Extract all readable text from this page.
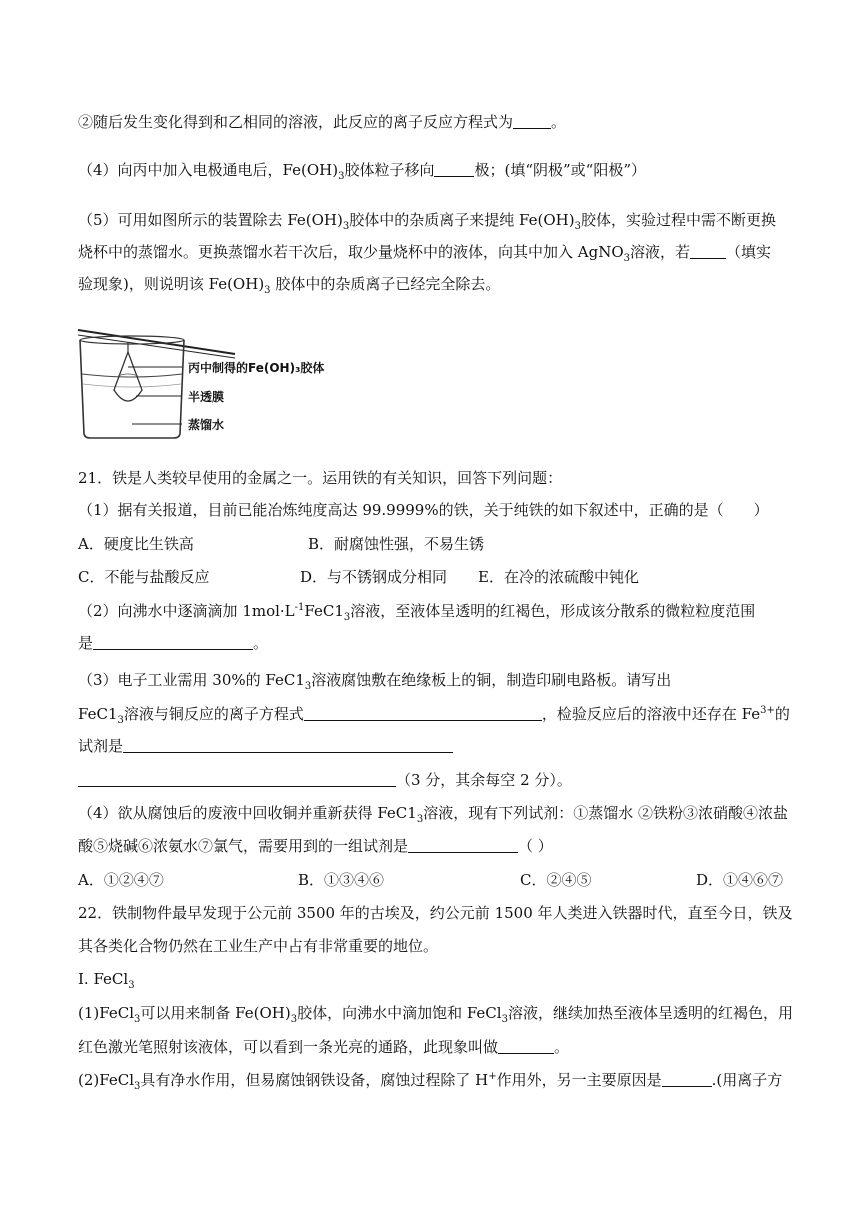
②随后发生变化得到和乙相同的溶液，此反应的离子反应方程式为	。
（4）向丙中加入电极通电后，$Fe(OH)_3$胶体粒子移向	极；(填“阴极”或“阳极”）
（5）可用如图所示的装置除去 $Fe(OH)_3$胶体中的杂质离子来提纯 $Fe(OH)_3$胶体，实验过程中需不断更换
烧杯中的蒸馏水。更换蒸馏水若干次后，取少量烧杯中的液体，向其中加入 AgNO$_3$溶液，若 （填实
验现象)，则说明该 $Fe(OH)_3$ 胶体中的杂质离子已经完全除去。
丙中制得的Fe(OH)₃胶体
半透膜
蒸馏水
21．铁是人类较早使用的金属之一。运用铁的有关知识，回答下列问题：
（1）据有关报道，目前已能冶炼纯度高达 99.9999%的铁，关于纯铁的如下叙述中，正确的是（　　）
A．硬度比生铁高	B．耐腐蚀性强，不易生锈
C．不能与盐酸反应	D．与不锈钢成分相同 E．在冷的浓硫酸中钝化
（2）向沸水中逐滴滴加 $1mol\cdot L^{-1}FeC1_3$溶液，至液体呈透明的红褐色，形成该分散系的微粒粒度范围
是	。
（3）电子工业需用 30%的 $FeC1_3$溶液腐蚀敷在绝缘板上的铜，制造印刷电路板。请写出
$FeC1_3$溶液与铜反应的离子方程式	，检验反应后的溶液中还存在 $Fe^{3+}$的
试剂是
（3 分，其余每空 2 分）。
（4）欲从腐蚀后的废液中回收铜并重新获得 $FeC1_3$溶液，现有下列试剂：①蒸馏水 ②铁粉③浓硝酸④浓盐
酸⑤烧碱⑥浓氨水⑦氯气，需要用到的一组试剂是	（ ）
A．①②④⑦	B．①③④⑥	C．②④⑤	D．①④⑥⑦
22．铁制物件最早发现于公元前 3500 年的古埃及，约公元前 1500 年人类进入铁器时代，直至今日，铁及
其各类化合物仍然在工业生产中占有非常重要的地位。
I. FeCl$_3$
(1)FeCl$_3$可以用来制备 $Fe(OH)_3$胶体，向沸水中滴加饱和 FeCl$_3$溶液，继续加热至液体呈透明的红褐色，用
红色激光笔照射该液体，可以看到一条光亮的通路，此现象叫做	。
(2)FeCl$_3$具有净水作用，但易腐蚀钢铁设备，腐蚀过程除了 H+作用外，另一主要原因是	.(用离子方
